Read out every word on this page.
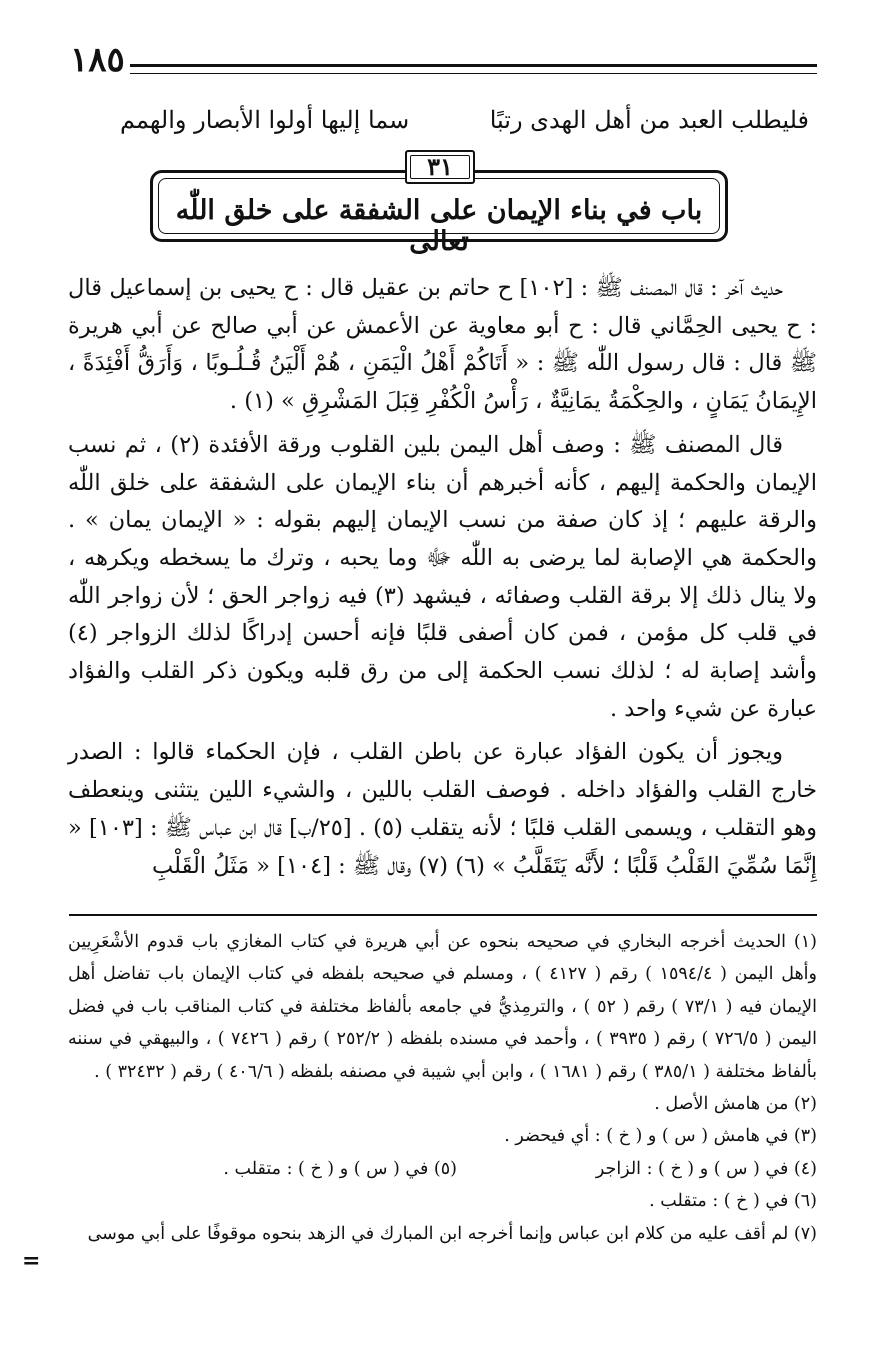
١٨٥
فليطلب العبد من أهل الهدى رتبًا
سما إليها أولوا الأبصار والهمم
باب في بناء الإيمان على الشفقة على خلق اللّٰه تعالى
٣١

حديث آخر : قال المصنف ﷺ : [١٠٢] ح حاتم بن عقيل قال : ح يحيى بن إسماعيل قال : ح يحيى الحِمَّاني قال : ح أبو معاوية عن الأعمش عن أبي صالح عن أبي هريرة ﷺ قال : قال رسول اللّٰه ﷺ : « أَتَاكُمْ أَهْلُ الْيَمَنِ ، هُمْ أَلْيَنُ قُـلُـوبًا ، وَأَرَقُّ أَفْئِدَةً ، الإِيمَانُ يَمَانٍ ، والحِكْمَةُ يمَانِيَّةٌ ، رَأْسُ الْكُفْرِ قِبَلَ المَشْرِقِ » (١) .

قال المصنف ﷺ : وصف أهل اليمن بلين القلوب ورقة الأفئدة (٢) ، ثم نسب الإيمان والحكمة إليهم ، كأنه أخبرهم أن بناء الإيمان على الشفقة على خلق اللّٰه والرقة عليهم ؛ إذ كان صفة من نسب الإيمان إليهم بقوله : « الإيمان يمان » . والحكمة هي الإصابة لما يرضى به اللّٰه ﷻ وما يحبه ، وترك ما يسخطه ويكرهه ، ولا ينال ذلك إلا برقة القلب وصفائه ، فيشهد (٣) فيه زواجر الحق ؛ لأن زواجر اللّٰه في قلب كل مؤمن ، فمن كان أصفى قلبًا فإنه أحسن إدراكًا لذلك الزواجر (٤) وأشد إصابة له ؛ لذلك نسب الحكمة إلى من رق قلبه ويكون ذكر القلب والفؤاد عبارة عن شيء واحد .

ويجوز أن يكون الفؤاد عبارة عن باطن القلب ، فإن الحكماء قالوا : الصدر خارج القلب والفؤاد داخله . فوصف القلب باللين ، والشيء اللين يتثنى وينعطف وهو التقلب ، ويسمى القلب قلبًا ؛ لأنه يتقلب (٥) . [٢٥/ب] قال ابن عباس ﷺ : [١٠٣] « إِنَّمَا سُمِّيَ القَلْبُ قَلْبًا ؛ لأَنَّه يَتَقَلَّبُ » (٦) (٧) وقال ﷺ : [١٠٤] « مَثَلُ الْقَلْبِ

(١) الحديث أخرجه البخاري في صحيحه بنحوه عن أبي هريرة في كتاب المغازي باب قدوم الأشْعَرِيين وأهل اليمن ( ١٥٩٤/٤ ) رقم ( ٤١٢٧ ) ، ومسلم في صحيحه بلفظه في كتاب الإيمان باب تفاضل أهل الإيمان فيه ( ٧٣/١ ) رقم ( ٥٢ ) ، والترمِذيُّ في جامعه بألفاظ مختلفة في كتاب المناقب باب في فضل اليمن ( ٧٢٦/٥ ) رقم ( ٣٩٣٥ ) ، وأحمد في مسنده بلفظه ( ٢٥٢/٢ ) رقم ( ٧٤٢٦ ) ، والبيهقي في سننه بألفاظ مختلفة ( ٣٨٥/١ ) رقم ( ١٦٨١ ) ، وابن أبي شيبة في مصنفه بلفظه ( ٤٠٦/٦ ) رقم ( ٣٢٤٣٢ ) .

(٢) من هامش الأصل .

(٣) في هامش ( س ) و ( خ ) : أي فيحضر .

(٤) في ( س ) و ( خ ) : الزاجر
(٥) في ( س ) و ( خ ) : متقلب .

(٦) في ( خ ) : متقلب .

(٧) لم أقف عليه من كلام ابن عباس وإنما أخرجه ابن المبارك في الزهد بنحوه موقوفًا على أبي موسى

=
